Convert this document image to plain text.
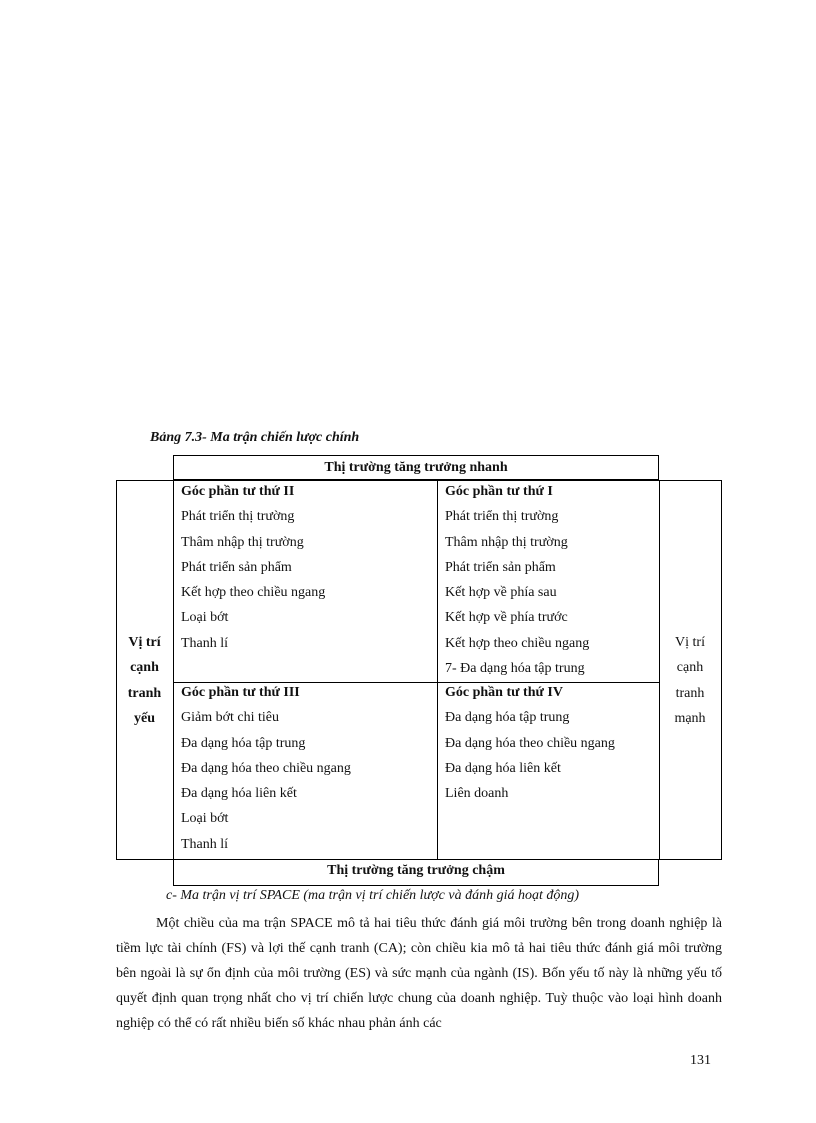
Bảng 7.3- Ma trận chiến lược chính
Thị trường tăng trưởng nhanh
Vị trí
cạnh
tranh
yếu
Vị trí
cạnh
tranh
mạnh
Góc phần tư thứ II
Phát triển thị trường
Thâm nhập thị trường
Phát triển sản phẩm
Kết hợp theo chiều ngang
Loại bớt
Thanh lí
Góc phần tư thứ I
Phát triển thị trường
Thâm nhập thị trường
Phát triển sản phẩm
Kết hợp về phía sau
Kết hợp về phía trước
Kết hợp theo chiều ngang
7- Đa dạng hóa tập trung
Góc phần tư thứ III
Giảm bớt chi tiêu
Đa dạng hóa tập trung
Đa dạng hóa theo chiều ngang
Đa dạng hóa liên kết
Loại bớt
Thanh lí
Góc phần tư thứ IV
Đa dạng hóa tập trung
Đa dạng hóa theo chiều ngang
Đa dạng hóa liên kết
Liên doanh
Thị trường tăng trưởng chậm
c- Ma trận vị trí SPACE (ma trận vị trí chiến lược và đánh giá hoạt động)

Một chiều của ma trận SPACE mô tả hai tiêu thức đánh giá môi trường bên trong doanh nghiệp là tiềm lực tài chính (FS) và lợi thế cạnh tranh (CA); còn chiều kia mô tả hai tiêu thức đánh giá môi trường bên ngoài là sự ổn định của môi trường (ES) và sức mạnh của ngành (IS). Bốn yếu tố này là những yếu tố quyết định quan trọng nhất cho vị trí chiến lược chung của doanh nghiệp. Tuỳ thuộc vào loại hình doanh nghiệp có thể có rất nhiều biến số khác nhau phản ánh các

131
